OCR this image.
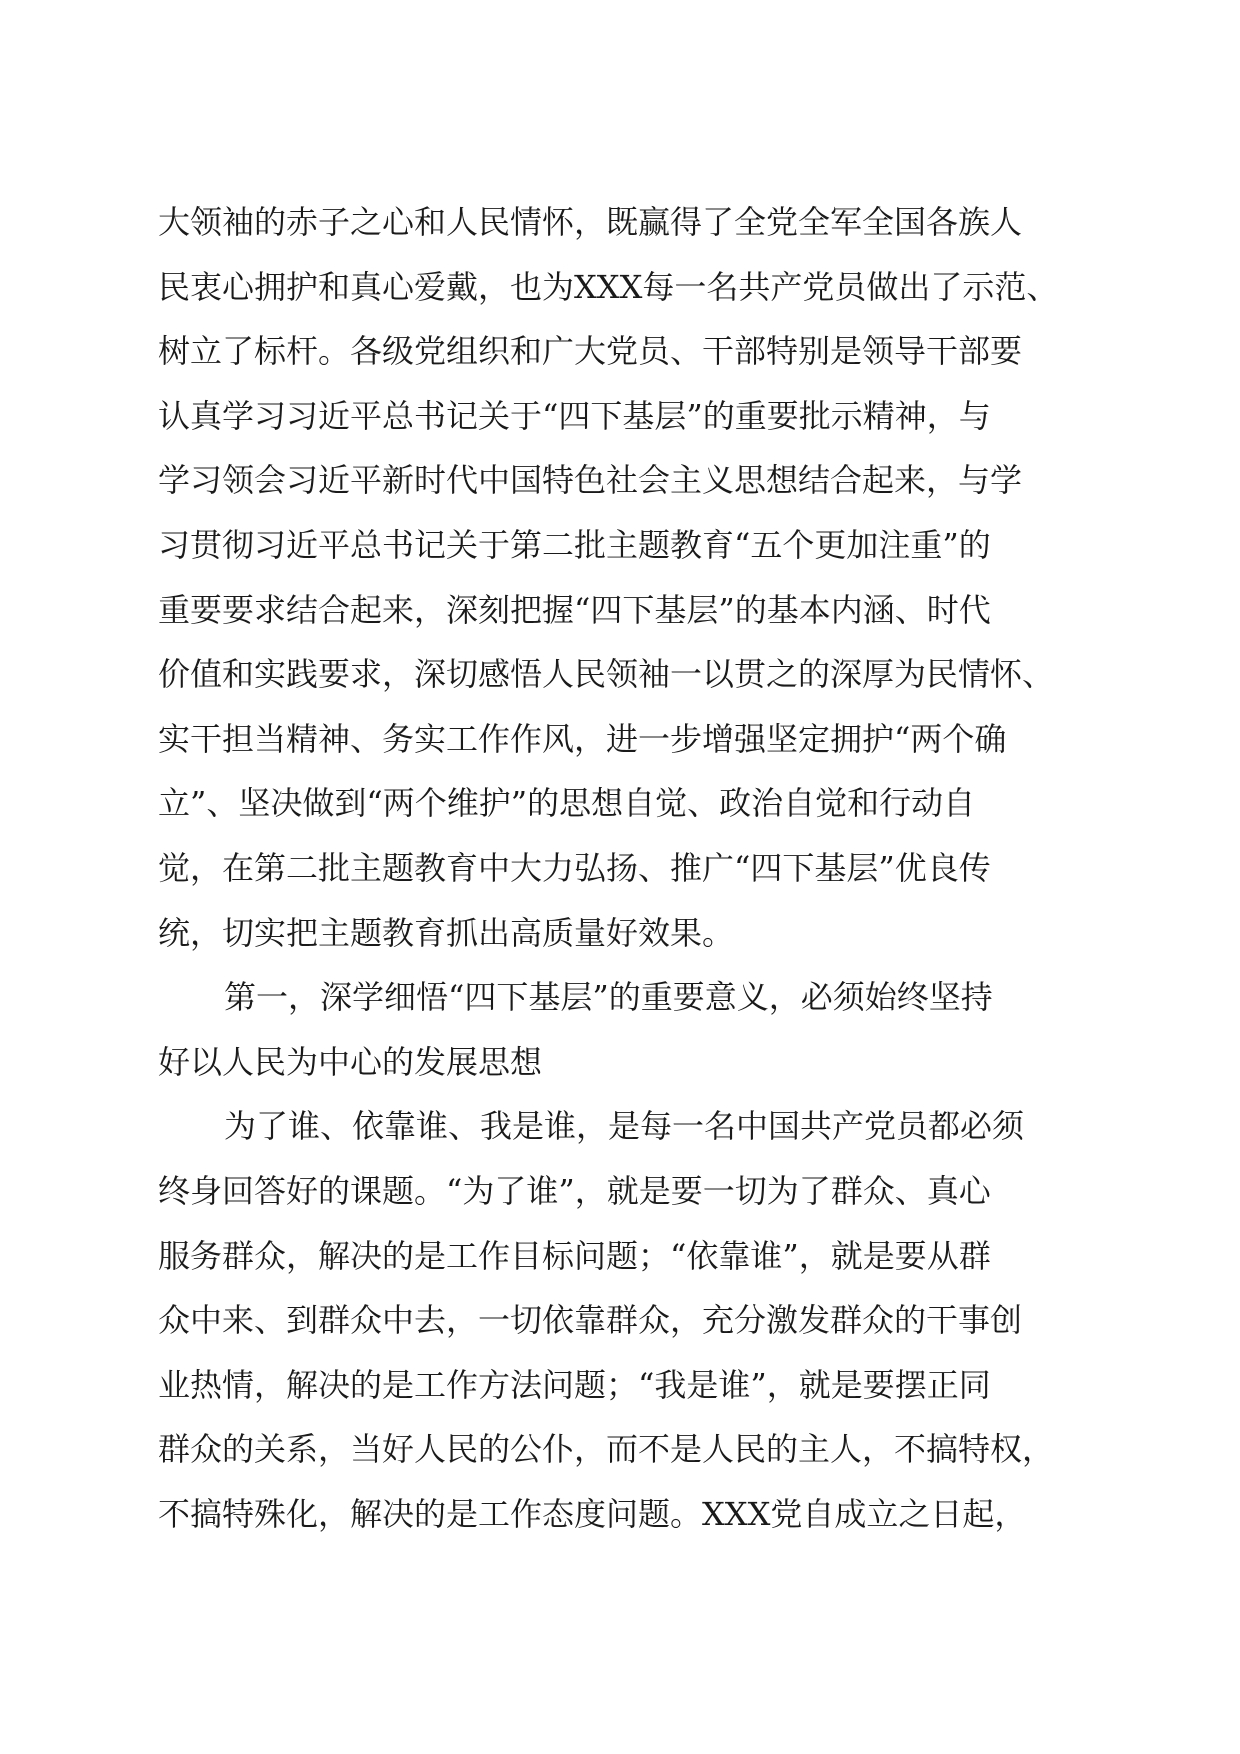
大领袖的赤子之心和人民情怀，既赢得了全党全军全国各族人
民衷心拥护和真心爱戴，也为XXX每一名共产党员做出了示范、
树立了标杆。各级党组织和广大党员、干部特别是领导干部要
认真学习习近平总书记关于“四下基层”的重要批示精神，与
学习领会习近平新时代中国特色社会主义思想结合起来，与学
习贯彻习近平总书记关于第二批主题教育“五个更加注重”的
重要要求结合起来，深刻把握“四下基层”的基本内涵、时代
价值和实践要求，深切感悟人民领袖一以贯之的深厚为民情怀、
实干担当精神、务实工作作风，进一步增强坚定拥护“两个确
立”、坚决做到“两个维护”的思想自觉、政治自觉和行动自
觉，在第二批主题教育中大力弘扬、推广“四下基层”优良传
统，切实把主题教育抓出高质量好效果。
第一，深学细悟“四下基层”的重要意义，必须始终坚持
好以人民为中心的发展思想
为了谁、依靠谁、我是谁，是每一名中国共产党员都必须
终身回答好的课题。“为了谁”，就是要一切为了群众、真心
服务群众，解决的是工作目标问题；“依靠谁”，就是要从群
众中来、到群众中去，一切依靠群众，充分激发群众的干事创
业热情，解决的是工作方法问题；“我是谁”，就是要摆正同
群众的关系，当好人民的公仆，而不是人民的主人，不搞特权，
不搞特殊化，解决的是工作态度问题。XXX党自成立之日起，
